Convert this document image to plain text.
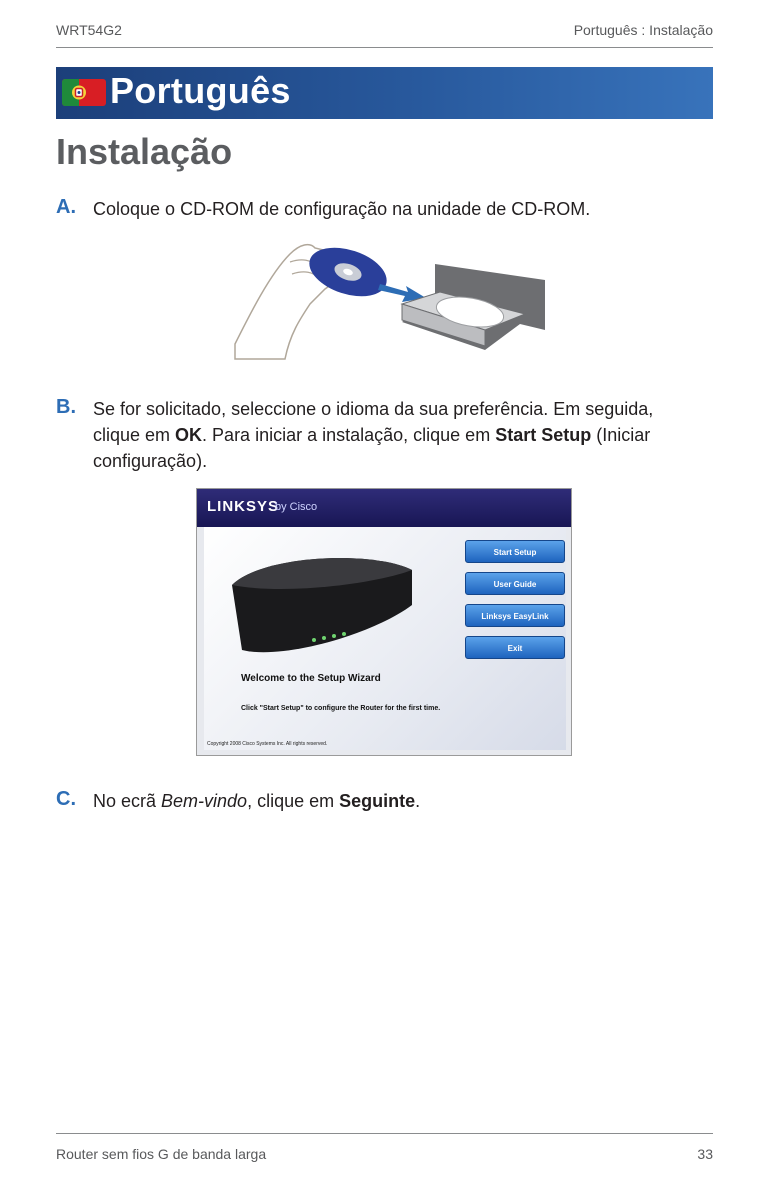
WRT54G2	Português : Instalação
Português
Instalação
A. Coloque o CD-ROM de configuração na unidade de CD-ROM.
B. Se for solicitado, seleccione o idioma da sua preferência. Em seguida, clique em OK. Para iniciar a instalação, clique em Start Setup (Iniciar configuração).
LINKSYS
by Cisco
Start Setup
User Guide
Linksys EasyLink
Exit
Welcome to the Setup Wizard
Click "Start Setup" to configure the Router for the first time.
Copyright 2008 Cisco Systems Inc. All rights reserved.
C. No ecrã Bem-vindo, clique em Seguinte.
Router sem fios G de banda larga	33
